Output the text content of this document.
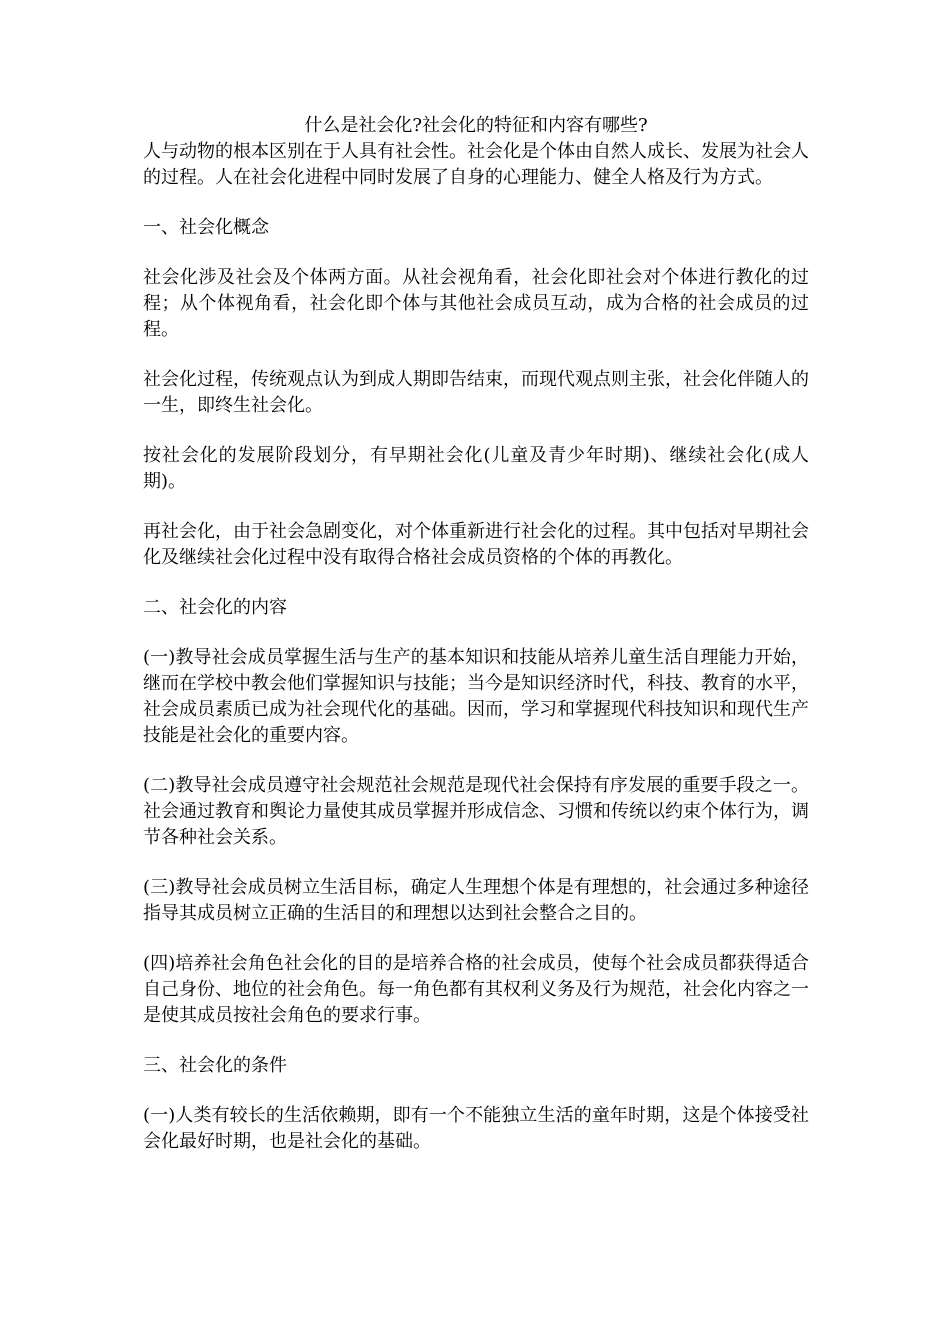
什么是社会化?社会化的特征和内容有哪些?

人与动物的根本区别在于人具有社会性。社会化是个体由自然人成长、发展为社会人的过程。人在社会化进程中同时发展了自身的心理能力、健全人格及行为方式。

一、社会化概念

社会化涉及社会及个体两方面。从社会视角看，社会化即社会对个体进行教化的过程；从个体视角看，社会化即个体与其他社会成员互动，成为合格的社会成员的过程。

社会化过程，传统观点认为到成人期即告结束，而现代观点则主张，社会化伴随人的一生，即终生社会化。

按社会化的发展阶段划分，有早期社会化(儿童及青少年时期)、继续社会化(成人期)。

再社会化，由于社会急剧变化，对个体重新进行社会化的过程。其中包括对早期社会化及继续社会化过程中没有取得合格社会成员资格的个体的再教化。

二、社会化的内容

(一)教导社会成员掌握生活与生产的基本知识和技能从培养儿童生活自理能力开始，继而在学校中教会他们掌握知识与技能；当今是知识经济时代，科技、教育的水平，社会成员素质已成为社会现代化的基础。因而，学习和掌握现代科技知识和现代生产技能是社会化的重要内容。

(二)教导社会成员遵守社会规范社会规范是现代社会保持有序发展的重要手段之一。社会通过教育和舆论力量使其成员掌握并形成信念、习惯和传统以约束个体行为，调节各种社会关系。

(三)教导社会成员树立生活目标，确定人生理想个体是有理想的，社会通过多种途径指导其成员树立正确的生活目的和理想以达到社会整合之目的。

(四)培养社会角色社会化的目的是培养合格的社会成员，使每个社会成员都获得适合自己身份、地位的社会角色。每一角色都有其权利义务及行为规范，社会化内容之一是使其成员按社会角色的要求行事。

三、社会化的条件

(一)人类有较长的生活依赖期，即有一个不能独立生活的童年时期，这是个体接受社会化最好时期，也是社会化的基础。
